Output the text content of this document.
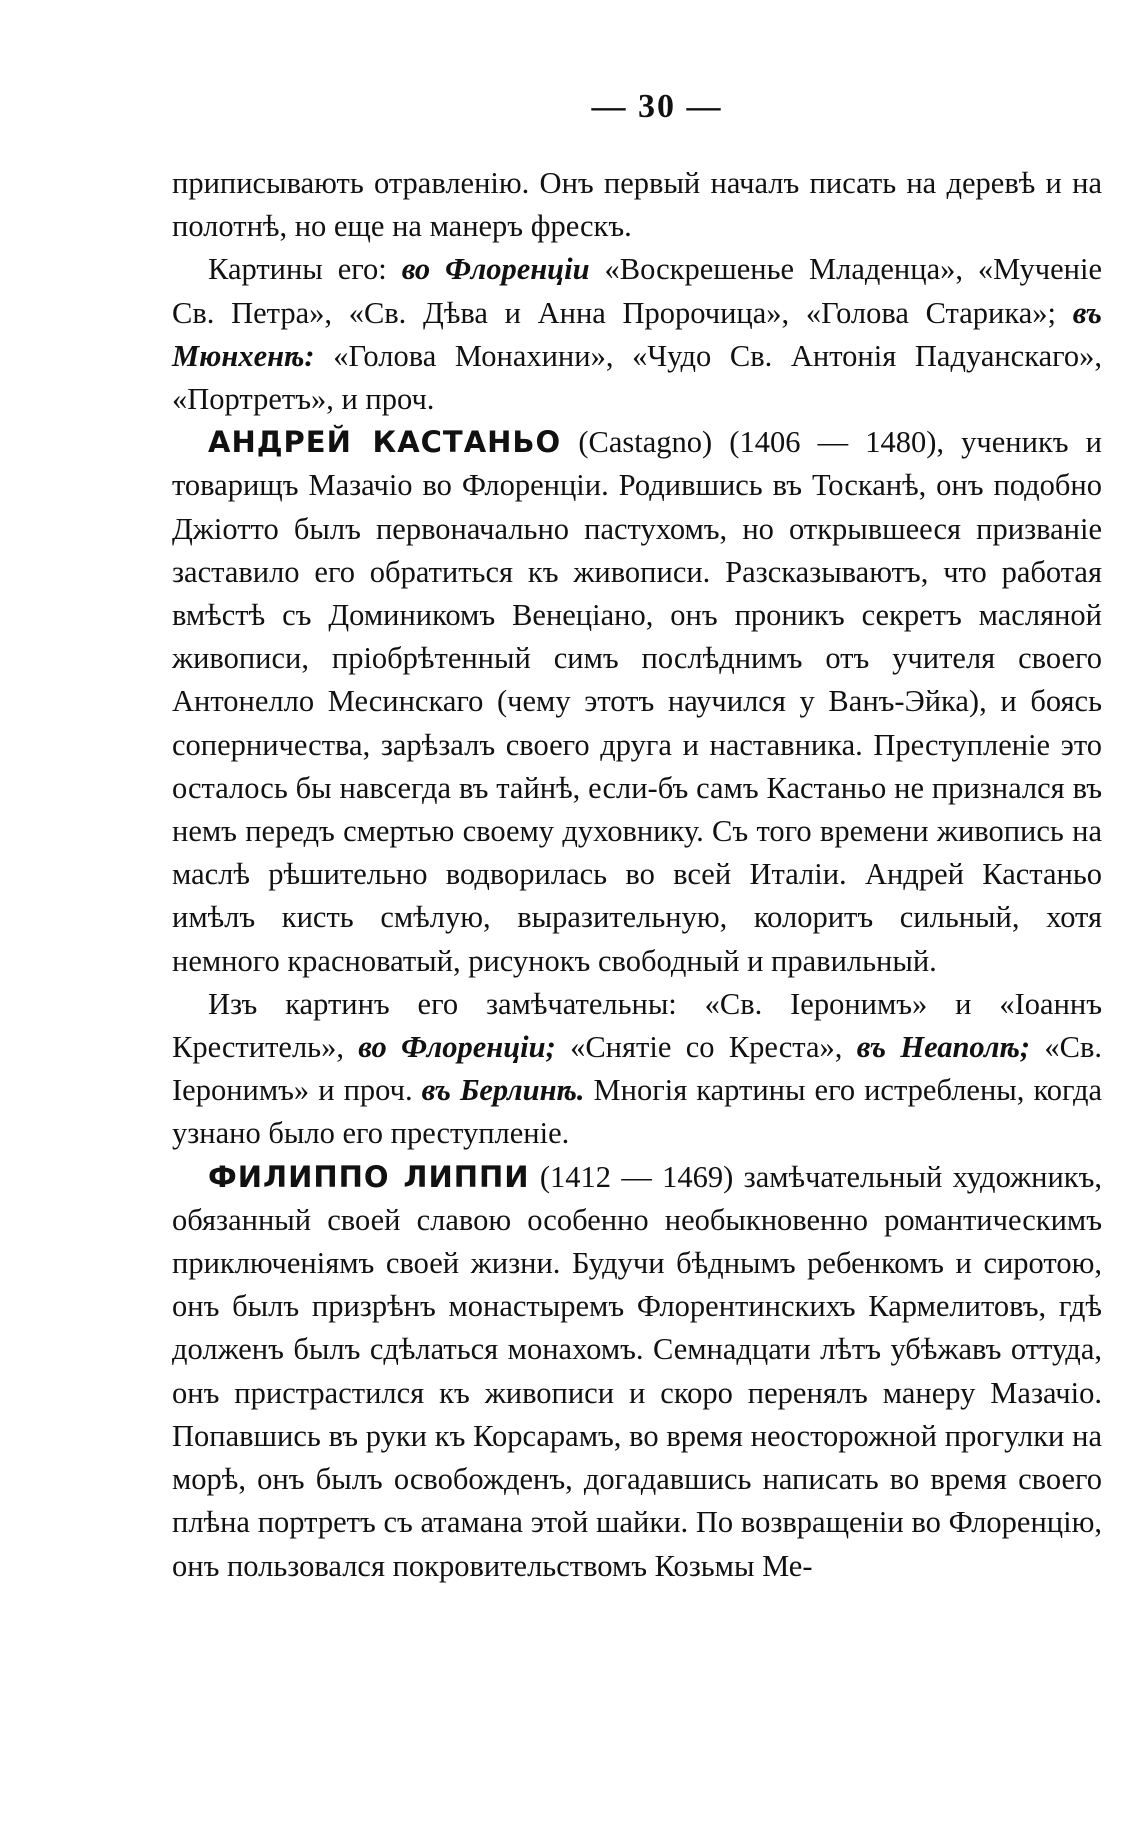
— 30 —

приписывають отравленію. Онъ первый началъ писать на деревѣ и на полотнѣ, но еще на манеръ фрескъ.

Картины его: во Флоренціи «Воскрешенье Младенца», «Мученіе Св. Петра», «Св. Дѣва и Анна Пророчица», «Голова Старика»; въ Мюнхенѣ: «Голова Монахини», «Чудо Св. Антонія Падуанскаго», «Портретъ», и проч.

АНДРЕЙ КАСТАНЬО (Castagno) (1406 — 1480), ученикъ и товарищъ Мазачіо во Флоренціи. Родившись въ Тосканѣ, онъ подобно Джіотто былъ первоначально пастухомъ, но открывшееся призваніе заставило его обратиться къ живописи. Разсказываютъ, что работая вмѣстѣ съ Доминикомъ Венеціано, онъ проникъ секретъ масляной живописи, пріобрѣтенный симъ послѣднимъ отъ учителя своего Антонелло Месинскаго (чему этотъ научился у Ванъ-Эйка), и боясь соперничества, зарѣзалъ своего друга и наставника. Преступленіе это осталось бы навсегда въ тайнѣ, если-бъ самъ Кастаньо не признался въ немъ передъ смертью своему духовнику. Съ того времени живопись на маслѣ рѣшительно водворилась во всей Италіи. Андрей Кастаньо имѣлъ кисть смѣлую, выразительную, колоритъ сильный, хотя немного красноватый, рисунокъ свободный и правильный.

Изъ картинъ его замѣчательны: «Св. Іеронимъ» и «Іоаннъ Креститель», во Флоренціи; «Снятіе со Креста», въ Неаполѣ; «Св. Іеронимъ» и проч. въ Берлинѣ. Многія картины его истреблены, когда узнано было его преступленіе.

ФИЛИППО ЛИППИ (1412 — 1469) замѣчательный художникъ, обязанный своей славою особенно необыкновенно романтическимъ приключеніямъ своей жизни. Будучи бѣднымъ ребенкомъ и сиротою, онъ былъ призрѣнъ монастыремъ Флорентинскихъ Кармелитовъ, гдѣ долженъ былъ сдѣлаться монахомъ. Семнадцати лѣтъ убѣжавъ оттуда, онъ пристрастился къ живописи и скоро перенялъ манеру Мазачіо. Попавшись въ руки къ Корсарамъ, во время неосторожной прогулки на морѣ, онъ былъ освобожденъ, догадавшись написать во время своего плѣна портретъ съ атамана этой шайки. По возвращеніи во Флоренцію, онъ пользовался покровительствомъ Козьмы Ме-
